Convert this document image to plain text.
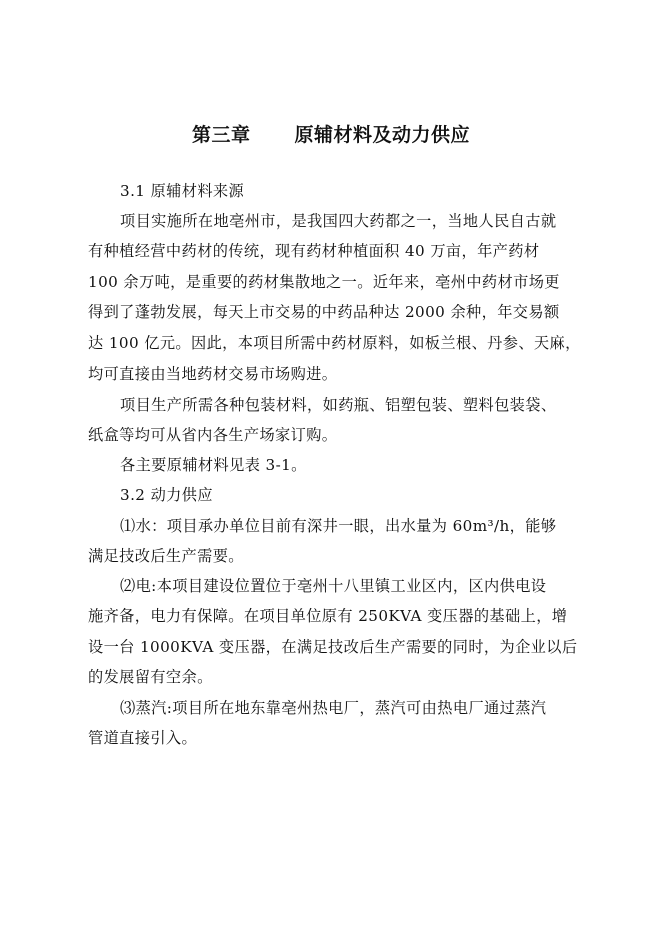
第三章 原辅材料及动力供应
3.1 原辅材料来源
项目实施所在地亳州市，是我国四大药都之一，当地人民自古就
有种植经营中药材的传统，现有药材种植面积 40 万亩，年产药材
100 余万吨，是重要的药材集散地之一。近年来，亳州中药材市场更
得到了蓬勃发展，每天上市交易的中药品种达 2000 余种，年交易额
达 100 亿元。因此，本项目所需中药材原料，如板兰根、丹参、天麻，
均可直接由当地药材交易市场购进。
项目生产所需各种包装材料，如药瓶、铝塑包装、塑料包装袋、
纸盒等均可从省内各生产场家订购。
各主要原辅材料见表 3-1。
3.2 动力供应
⑴水：项目承办单位目前有深井一眼，出水量为 60m³/h，能够
满足技改后生产需要。
⑵电:本项目建设位置位于亳州十八里镇工业区内，区内供电设
施齐备，电力有保障。在项目单位原有 250KVA 变压器的基础上，增
设一台 1000KVA 变压器，在满足技改后生产需要的同时，为企业以后
的发展留有空余。
⑶蒸汽:项目所在地东靠亳州热电厂，蒸汽可由热电厂通过蒸汽
管道直接引入。
